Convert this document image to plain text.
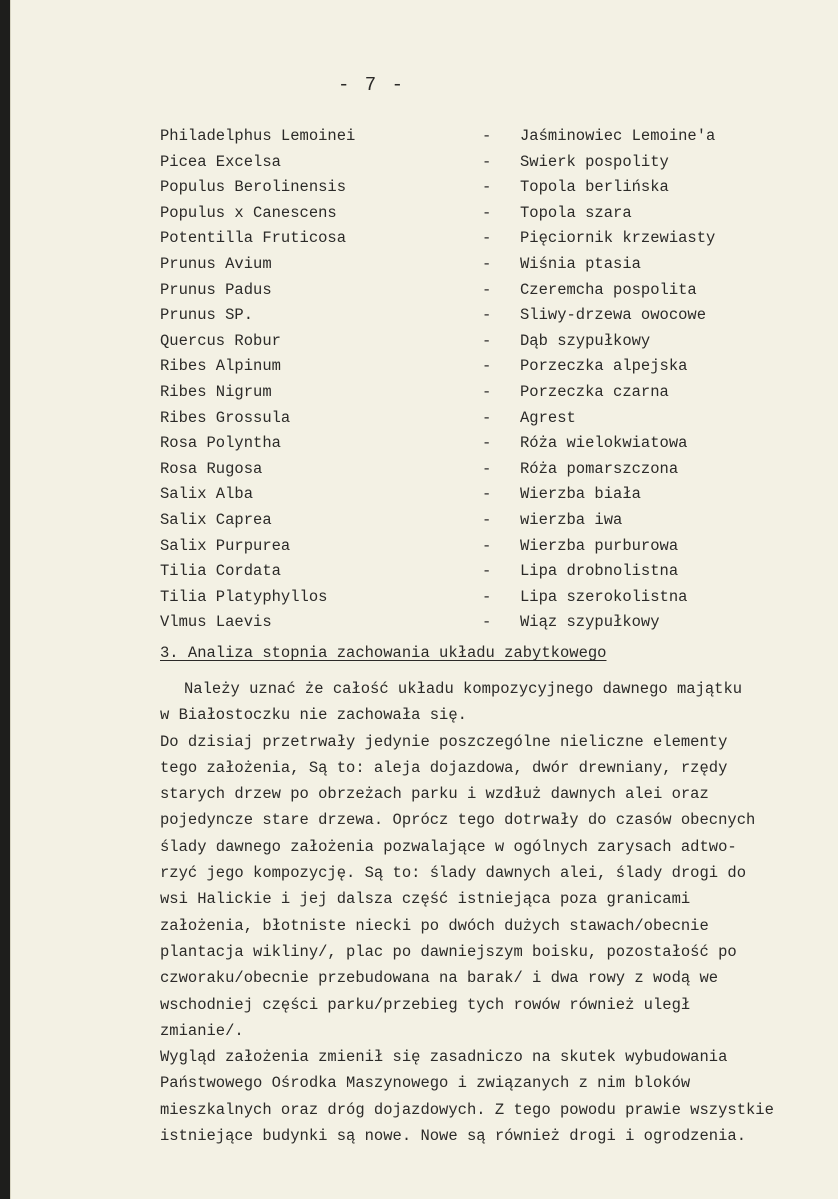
- 7 -
Philadelphus Lemoinei	- Jaśminowiec Lemoine'a
Picea Excelsa	- Swierk pospolity
Populus Berolinensis	- Topola berlińska
Populus x Canescens	- Topola szara
Potentilla Fruticosa	- Pięciornik krzewiasty
Prunus Avium	- Wiśnia ptasia
Prunus Padus	- Czeremcha pospolita
Prunus SP.	- Sliwy-drzewa owocowe
Quercus Robur	- Dąb szypułkowy
Ribes Alpinum	- Porzeczka alpejska
Ribes Nigrum	- Porzeczka czarna
Ribes Grossula	- Agrest
Rosa Polyntha	- Róża wielokwiatowa
Rosa Rugosa	- Róża pomarszczona
Salix Alba	- Wierzba biała
Salix Caprea	- wierzba iwa
Salix Purpurea	- Wierzba purburowa
Tilia Cordata	- Lipa drobnolistna
Tilia Platyphyllos	- Lipa szerokolistna
Vlmus Laevis	- Wiąz szypułkowy
3. Analiza stopnia zachowania układu zabytkowego
Należy uznać że całość układu kompozycyjnego dawnego majątku
w Białostoczku nie zachowała się.
Do dzisiaj przetrwały jedynie poszczególne nieliczne elementy
tego założenia, Są to: aleja dojazdowa, dwór drewniany, rzędy
starych drzew po obrzeżach parku i wzdłuż dawnych alei oraz
pojedyncze stare drzewa. Oprócz tego dotrwały do czasów obecnych
ślady dawnego założenia pozwalające w ogólnych zarysach adtwo-
rzyć jego kompozycję. Są to: ślady dawnych alei, ślady drogi do
wsi Halickie i jej dalsza część istniejąca poza granicami
założenia, błotniste niecki po dwóch dużych stawach/obecnie
plantacja wikliny/, plac po dawniejszym boisku, pozostałość po
czworaku/obecnie przebudowana na barak/ i dwa rowy z wodą we
wschodniej części parku/przebieg tych rowów również uległ
zmianie/.
Wygląd założenia zmienił się zasadniczo na skutek wybudowania
Państwowego Ośrodka Maszynowego i związanych z nim bloków
mieszkalnych oraz dróg dojazdowych. Z tego powodu prawie wszystkie
istniejące budynki są nowe. Nowe są również drogi i ogrodzenia.
